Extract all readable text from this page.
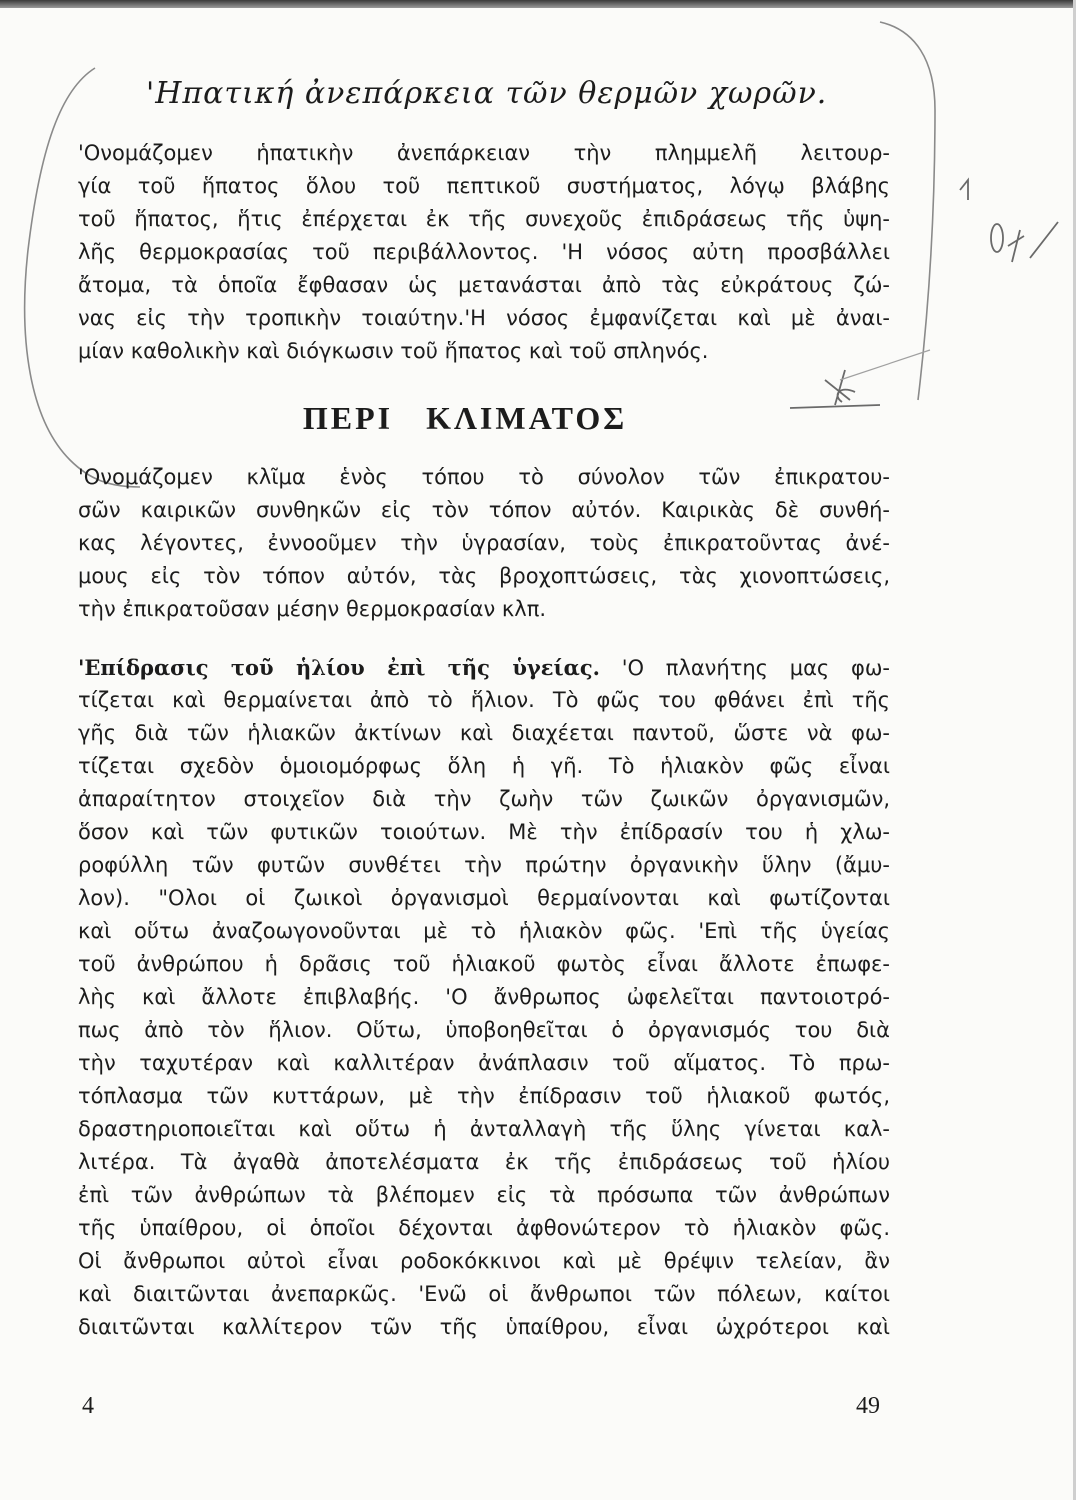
'Ηπατική ἀνεπάρκεια τῶν θερμῶν χωρῶν.
'Ονομάζομεν ἡπατικὴν ἀνεπάρκειαν τὴν πλημμελῆ λειτουρ-
γία τοῦ ἥπατος ὅλου τοῦ πεπτικοῦ συστήματος, λόγῳ βλάβης
τοῦ ἥπατος, ἥτις ἐπέρχεται ἐκ τῆς συνεχοῦς ἐπιδράσεως τῆς ὑψη-
λῆς θερμοκρασίας τοῦ περιβάλλοντος. 'Η νόσος αὐτη προσβάλλει
ἄτομα, τὰ ὁποῖα ἔφθασαν ὡς μετανάσται ἀπὸ τὰς εὐκράτους ζώ-
νας εἰς τὴν τροπικὴν τοιαύτην.'Η νόσος ἐμφανίζεται καὶ μὲ ἀναι-
μίαν καθολικὴν καὶ διόγκωσιν τοῦ ἥπατος καὶ τοῦ σπληνός.
ΠΕΡΙ ΚΛΙΜΑΤΟΣ
'Ονομάζομεν κλῖμα ἑνὸς τόπου τὸ σύνολον τῶν ἐπικρατου-
σῶν καιρικῶν συνθηκῶν εἰς τὸν τόπον αὐτόν. Καιρικὰς δὲ συνθή-
κας λέγοντες, ἐννοοῦμεν τὴν ὑγρασίαν, τοὺς ἐπικρατοῦντας ἀνέ-
μους εἰς τὸν τόπον αὐτόν, τὰς βροχοπτώσεις, τὰς χιονοπτώσεις,
τὴν ἐπικρατοῦσαν μέσην θερμοκρασίαν κλπ.
'Επίδρασις τοῦ ἡλίου ἐπὶ τῆς ὑγείας. 'Ο πλανήτης μας φω-
τίζεται καὶ θερμαίνεται ἀπὸ τὸ ἥλιον. Τὸ φῶς του φθάνει ἐπὶ τῆς
γῆς διὰ τῶν ἡλιακῶν ἀκτίνων καὶ διαχέεται παντοῦ, ὥστε νὰ φω-
τίζεται σχεδὸν ὁμοιομόρφως ὅλη ἡ γῆ. Τὸ ἡλιακὸν φῶς εἶναι
ἀπαραίτητον στοιχεῖον διὰ τὴν ζωὴν τῶν ζωικῶν ὀργανισμῶν,
ὅσον καὶ τῶν φυτικῶν τοιούτων. Μὲ τὴν ἐπίδρασίν του ἡ χλω-
ροφύλλη τῶν φυτῶν συνθέτει τὴν πρώτην ὀργανικὴν ὕλην (ἄμυ-
λον). "Ολοι οἱ ζωικοὶ ὀργανισμοὶ θερμαίνονται καὶ φωτίζονται
καὶ οὕτω ἀναζοωγονοῦνται μὲ τὸ ἡλιακὸν φῶς. 'Επὶ τῆς ὑγείας
τοῦ ἀνθρώπου ἡ δρᾶσις τοῦ ἡλιακοῦ φωτὸς εἶναι ἄλλοτε ἐπωφε-
λὴς καὶ ἄλλοτε ἐπιβλαβής. 'Ο ἄνθρωπος ὠφελεῖται παντοιοτρό-
πως ἀπὸ τὸν ἥλιον. Οὕτω, ὑποβοηθεῖται ὁ ὀργανισμός του διὰ
τὴν ταχυτέραν καὶ καλλιτέραν ἀνάπλασιν τοῦ αἵματος. Τὸ πρω-
τόπλασμα τῶν κυττάρων, μὲ τὴν ἐπίδρασιν τοῦ ἡλιακοῦ φωτός,
δραστηριοποιεῖται καὶ οὕτω ἡ ἀνταλλαγὴ τῆς ὕλης γίνεται καλ-
λιτέρα. Τὰ ἀγαθὰ ἀποτελέσματα ἐκ τῆς ἐπιδράσεως τοῦ ἡλίου
ἐπὶ τῶν ἀνθρώπων τὰ βλέπομεν εἰς τὰ πρόσωπα τῶν ἀνθρώπων
τῆς ὑπαίθρου, οἱ ὁποῖοι δέχονται ἀφθονώτερον τὸ ἡλιακὸν φῶς.
Οἱ ἄνθρωποι αὐτοὶ εἶναι ροδοκόκκινοι καὶ μὲ θρέψιν τελείαν, ἂν
καὶ διαιτῶνται ἀνεπαρκῶς. 'Ενῶ οἱ ἄνθρωποι τῶν πόλεων, καίτοι
διαιτῶνται καλλίτερον τῶν τῆς ὑπαίθρου, εἶναι ὠχρότεροι καὶ
4	49
